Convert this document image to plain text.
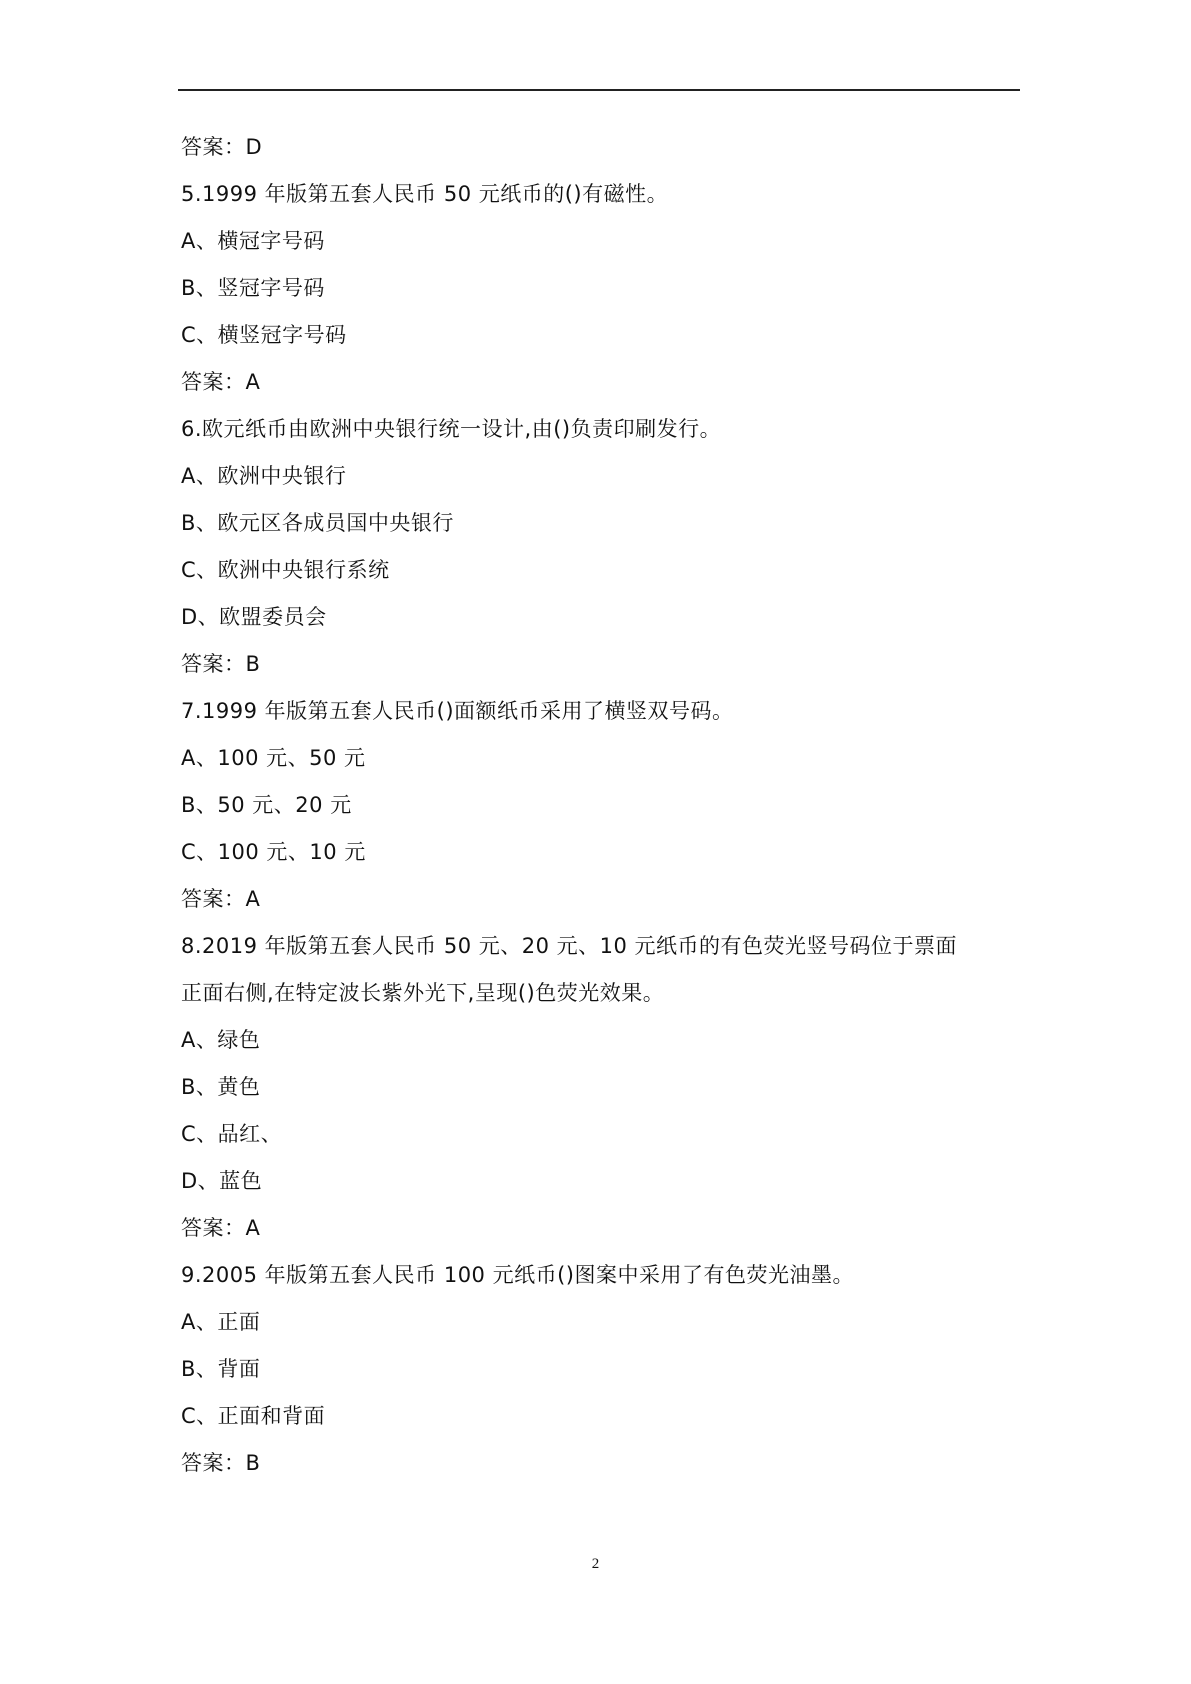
答案：D
5.1999 年版第五套人民币 50 元纸币的()有磁性。
A、横冠字号码
B、竖冠字号码
C、横竖冠字号码
答案：A
6.欧元纸币由欧洲中央银行统一设计,由()负责印刷发行。
A、欧洲中央银行
B、欧元区各成员国中央银行
C、欧洲中央银行系统
D、欧盟委员会
答案：B
7.1999 年版第五套人民币()面额纸币采用了横竖双号码。
A、100 元、50 元
B、50 元、20 元
C、100 元、10 元
答案：A
8.2019 年版第五套人民币 50 元、20 元、10 元纸币的有色荧光竖号码位于票面
正面右侧,在特定波长紫外光下,呈现()色荧光效果。
A、绿色
B、黄色
C、品红、
D、蓝色
答案：A
9.2005 年版第五套人民币 100 元纸币()图案中采用了有色荧光油墨。
A、正面
B、背面
C、正面和背面
答案：B
2
